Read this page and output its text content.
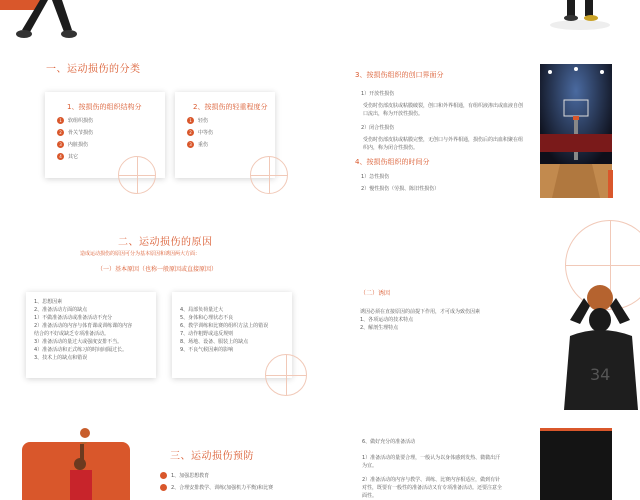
一、运动损伤的分类
1、按损伤的组织结构分
1	软组织损伤
2	骨关节损伤
3	内脏损伤
4	其它
2、按损伤的轻重程度分
1	轻伤
2	中等伤
3	重伤
3、按损伤组织的创口界面分
1）开放性损伤
受伤时伤部皮肤或粘膜破裂，创口和外界相通，有组织液渗出或血液自创口流出，称为开放性损伤。
2）闭合性损伤
受伤时伤部皮肤或粘膜完整，无创口与外界相通，损伤后的出血积聚在组织内，称为闭合性损伤。
4、按损伤组织的时间分
1）急性损伤
2）慢性损伤（劳损、陈旧性损伤）
二、运动损伤的原因
造成运动损伤的原因可分为基本原因和诱因两大方面：
（一）基本原因（也称一般原因或直接原因）
1、思想因素
2、准备活动方面的缺点
1）不做准备活动或准备活动不充分
2）准备活动的内容与体育课或训练课的内容
结合的不好或缺乏专项准备活动。
3）准备活动的量过大或强度安排不当。
4）准备活动和正式练习的时间间隔过长。
3、技术上的缺点和错误
4、局部负荷量过大
5、身体和心理状态不良
6、教学训练和比赛的组织方法上的错误
7、动作粗野或违反规则
8、场地、设备、服装上的缺点
9、不良气候因素的影响
（二）诱因
诱因必须在直接原因的前提下作用，才可成为致伤因素
1、各项运动的技术特点
2、解剖生理特点
34
三、运动损伤预防
1、加强思想教育
2、合理安排教学、训练(加强机力平衡)和比赛
6、做好充分的准备活动
1）准备活动的量要合理，一般认为以身体感到发热、微微出汗为宜。
2）准备活动的内容与教学、训练、比赛内容相适应，做到有针对性，既要有一般性的准备活动又有专项准备活动。还要注意全面性。
